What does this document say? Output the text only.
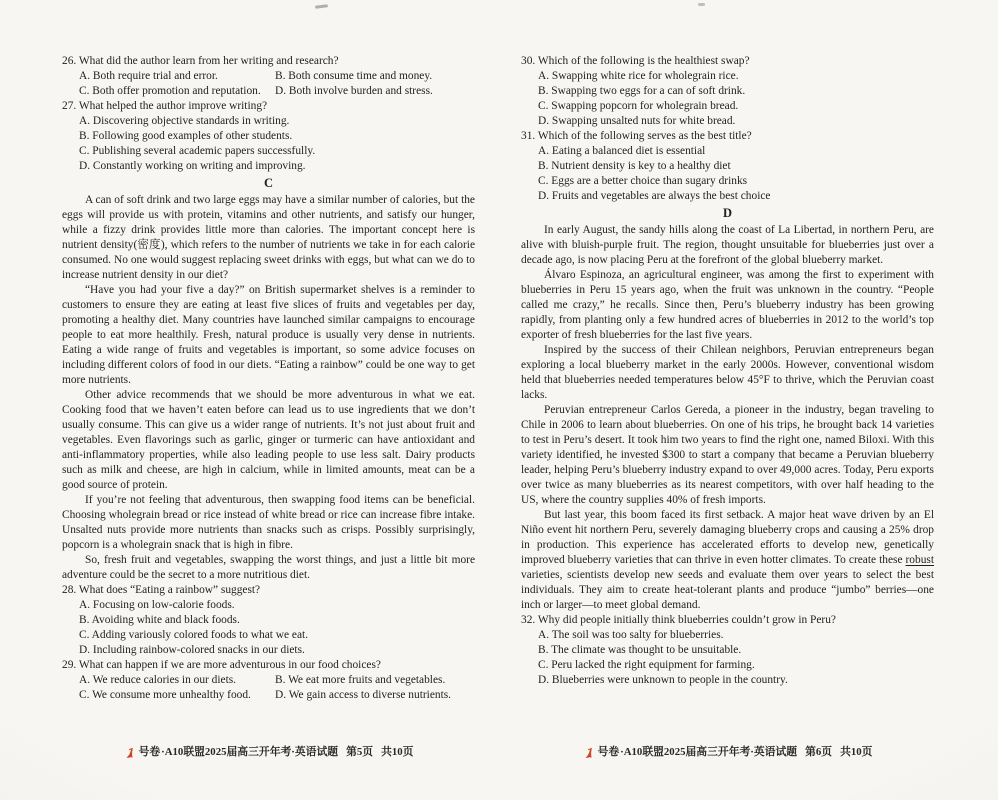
26. What did the author learn from her writing and research?
A. Both require trial and error.	B. Both consume time and money.
C. Both offer promotion and reputation.	D. Both involve burden and stress.
27. What helped the author improve writing?
A. Discovering objective standards in writing.
B. Following good examples of other students.
C. Publishing several academic papers successfully.
D. Constantly working on writing and improving.
C

A can of soft drink and two large eggs may have a similar number of calories, but the eggs will provide us with protein, vitamins and other nutrients, and satisfy our hunger, while a fizzy drink provides little more than calories. The important concept here is nutrient density(密度), which refers to the number of nutrients we take in for each calorie consumed. No one would suggest replacing sweet drinks with eggs, but what can we do to increase nutrient density in our diet?

“Have you had your five a day?” on British supermarket shelves is a reminder to customers to ensure they are eating at least five slices of fruits and vegetables per day, promoting a healthy diet. Many countries have launched similar campaigns to encourage people to eat more healthily. Fresh, natural produce is usually very dense in nutrients. Eating a wide range of fruits and vegetables is important, so some advice focuses on including different colors of food in our diets. “Eating a rainbow” could be one way to get more nutrients.

Other advice recommends that we should be more adventurous in what we eat. Cooking food that we haven’t eaten before can lead us to use ingredients that we don’t usually consume. This can give us a wider range of nutrients. It’s not just about fruit and vegetables. Even flavorings such as garlic, ginger or turmeric can have antioxidant and anti-inflammatory properties, while also leading people to use less salt. Dairy products such as milk and cheese, are high in calcium, while in limited amounts, meat can be a good source of protein.

If you’re not feeling that adventurous, then swapping food items can be beneficial. Choosing wholegrain bread or rice instead of white bread or rice can increase fibre intake. Unsalted nuts provide more nutrients than snacks such as crisps. Possibly surprisingly, popcorn is a wholegrain snack that is high in fibre.

So, fresh fruit and vegetables, swapping the worst things, and just a little bit more adventure could be the secret to a more nutritious diet.

28. What does “Eating a rainbow” suggest?
A. Focusing on low-calorie foods.
B. Avoiding white and black foods.
C. Adding variously colored foods to what we eat.
D. Including rainbow-colored snacks in our diets.
29. What can happen if we are more adventurous in our food choices?
A. We reduce calories in our diets.	B. We eat more fruits and vegetables.
C. We consume more unhealthy food.	D. We gain access to diverse nutrients.
30. Which of the following is the healthiest swap?
A. Swapping white rice for wholegrain rice.
B. Swapping two eggs for a can of soft drink.
C. Swapping popcorn for wholegrain bread.
D. Swapping unsalted nuts for white bread.
31. Which of the following serves as the best title?
A. Eating a balanced diet is essential
B. Nutrient density is key to a healthy diet
C. Eggs are a better choice than sugary drinks
D. Fruits and vegetables are always the best choice
D

In early August, the sandy hills along the coast of La Libertad, in northern Peru, are alive with bluish-purple fruit. The region, thought unsuitable for blueberries just over a decade ago, is now placing Peru at the forefront of the global blueberry market.

Álvaro Espinoza, an agricultural engineer, was among the first to experiment with blueberries in Peru 15 years ago, when the fruit was unknown in the country. “People called me crazy,” he recalls. Since then, Peru’s blueberry industry has been growing rapidly, from planting only a few hundred acres of blueberries in 2012 to the world’s top exporter of fresh blueberries for the last five years.

Inspired by the success of their Chilean neighbors, Peruvian entrepreneurs began exploring a local blueberry market in the early 2000s. However, conventional wisdom held that blueberries needed temperatures below 45°F to thrive, which the Peruvian coast lacks.

Peruvian entrepreneur Carlos Gereda, a pioneer in the industry, began traveling to Chile in 2006 to learn about blueberries. On one of his trips, he brought back 14 varieties to test in Peru’s desert. It took him two years to find the right one, named Biloxi. With this variety identified, he invested $300 to start a company that became a Peruvian blueberry leader, helping Peru’s blueberry industry expand to over 49,000 acres. Today, Peru exports over twice as many blueberries as its nearest competitors, with over half heading to the US, where the country supplies 40% of fresh imports.

But last year, this boom faced its first setback. A major heat wave driven by an El Niño event hit northern Peru, severely damaging blueberry crops and causing a 25% drop in production. This experience has accelerated efforts to develop new, genetically improved blueberry varieties that can thrive in even hotter climates. To create these robust varieties, scientists develop new seeds and evaluate them over years to select the best individuals. They aim to create heat-tolerant plants and produce “jumbo” berries—one inch or larger—to meet global demand.

32. Why did people initially think blueberries couldn’t grow in Peru?
A. The soil was too salty for blueberries.
B. The climate was thought to be unsuitable.
C. Peru lacked the right equipment for farming.
D. Blueberries were unknown to people in the country.
号卷 ·A10联盟2025届高三开年考·英语试题 第5页 共10页	号卷 ·A10联盟2025届高三开年考·英语试题 第6页 共10页
